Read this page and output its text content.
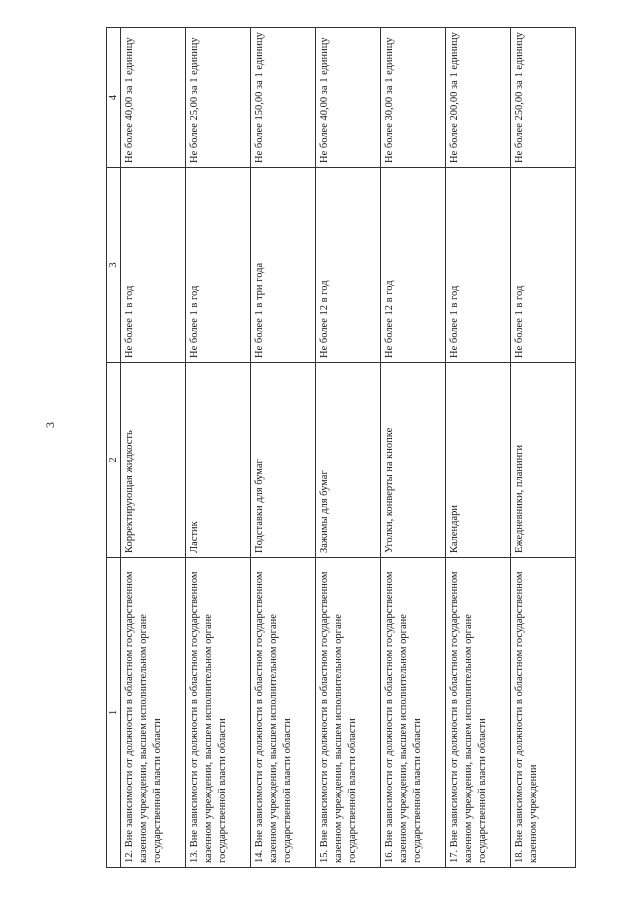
3
1	2	3	4
12. Вне зависимости от должности в областном государственном казенном учреждении, высшем исполнительном органе государственной власти области	Корректирующая жидкость	Не более 1 в год	Не более 40,00 за 1 единицу
13. Вне зависимости от должности в областном государственном казенном учреждении, высшем исполнительном органе государственной власти области	Ластик	Не более 1 в год	Не более 25,00 за 1 единицу
14. Вне зависимости от должности в областном государственном казенном учреждении, высшем исполнительном органе государственной власти области	Подставки для бумаг	Не более 1 в три года	Не более 150,00 за 1 единицу
15. Вне зависимости от должности в областном государственном казенном учреждении, высшем исполнительном органе государственной власти области	Зажимы для бумаг	Не более 12 в год	Не более 40,00 за 1 единицу
16. Вне зависимости от должности в областном государственном казенном учреждении, высшем исполнительном органе государственной власти области	Уголки, конверты на кнопке	Не более 12 в год	Не более 30,00 за 1 единицу
17. Вне зависимости от должности в областном государственном казенном учреждении, высшем исполнительном органе государственной власти области	Календари	Не более 1 в год	Не более 200,00 за 1 единицу
18. Вне зависимости от должности в областном государственном казенном учреждении	Ежедневники, планинги	Не более 1 в год	Не более 250,00 за 1 единицу
